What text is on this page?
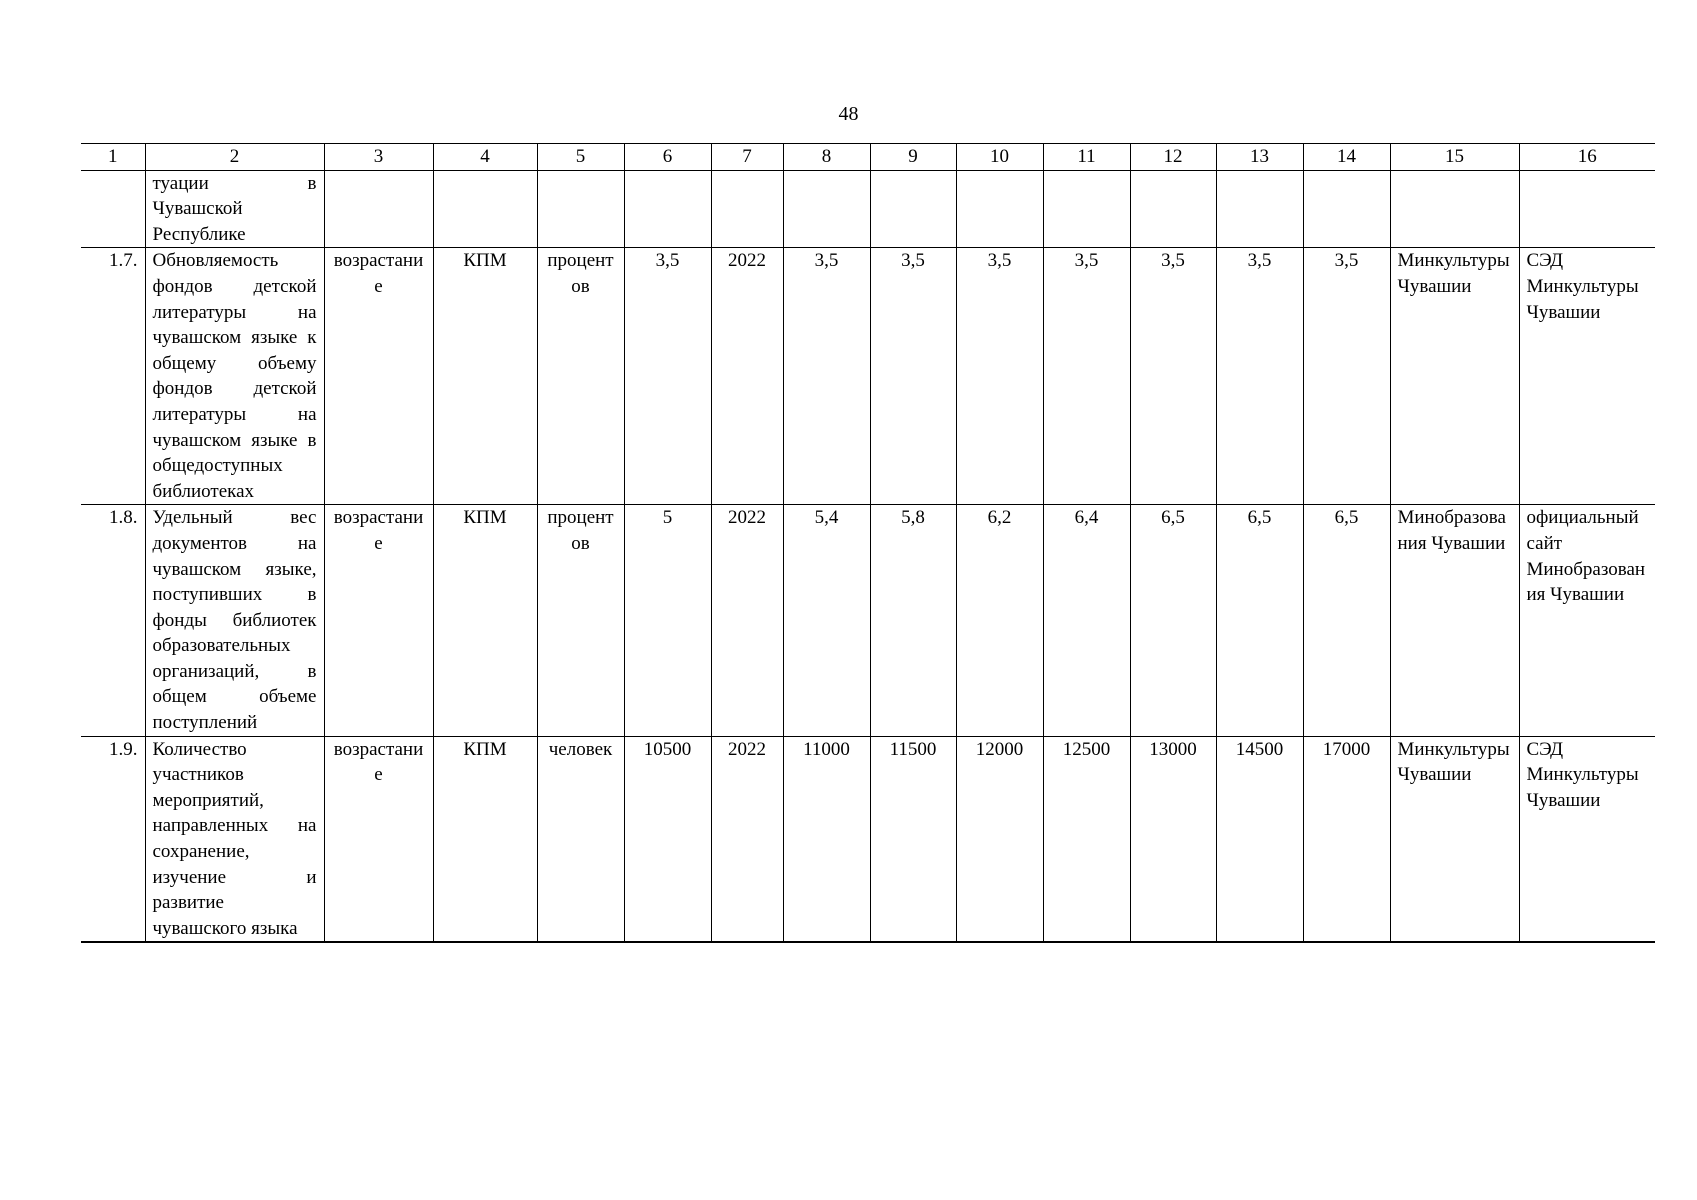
48
1	2	3	4	5	6	7	8	9	10	11	12	13	14	15	16
	туации в Чувашской Республике														
1.7.	Обновляемость фондов детской литературы на чувашском языке к общему объему фондов детской литературы на чувашском языке в общедоступных библиотеках	возрастание	КПМ	процентов	3,5	2022	3,5	3,5	3,5	3,5	3,5	3,5	3,5	Минкультуры Чувашии	СЭД Минкультуры Чувашии
1.8.	Удельный вес документов на чувашском языке, поступивших в фонды библиотек образовательных организаций, в общем объеме поступлений	возрастание	КПМ	процентов	5	2022	5,4	5,8	6,2	6,4	6,5	6,5	6,5	Минобразования Чувашии	официальный сайт Минобразования Чувашии
1.9.	Количество участников мероприятий, направленных на сохранение, изучение и развитие чувашского языка	возрастание	КПМ	человек	10500	2022	11000	11500	12000	12500	13000	14500	17000	Минкультуры Чувашии	СЭД Минкультуры Чувашии
